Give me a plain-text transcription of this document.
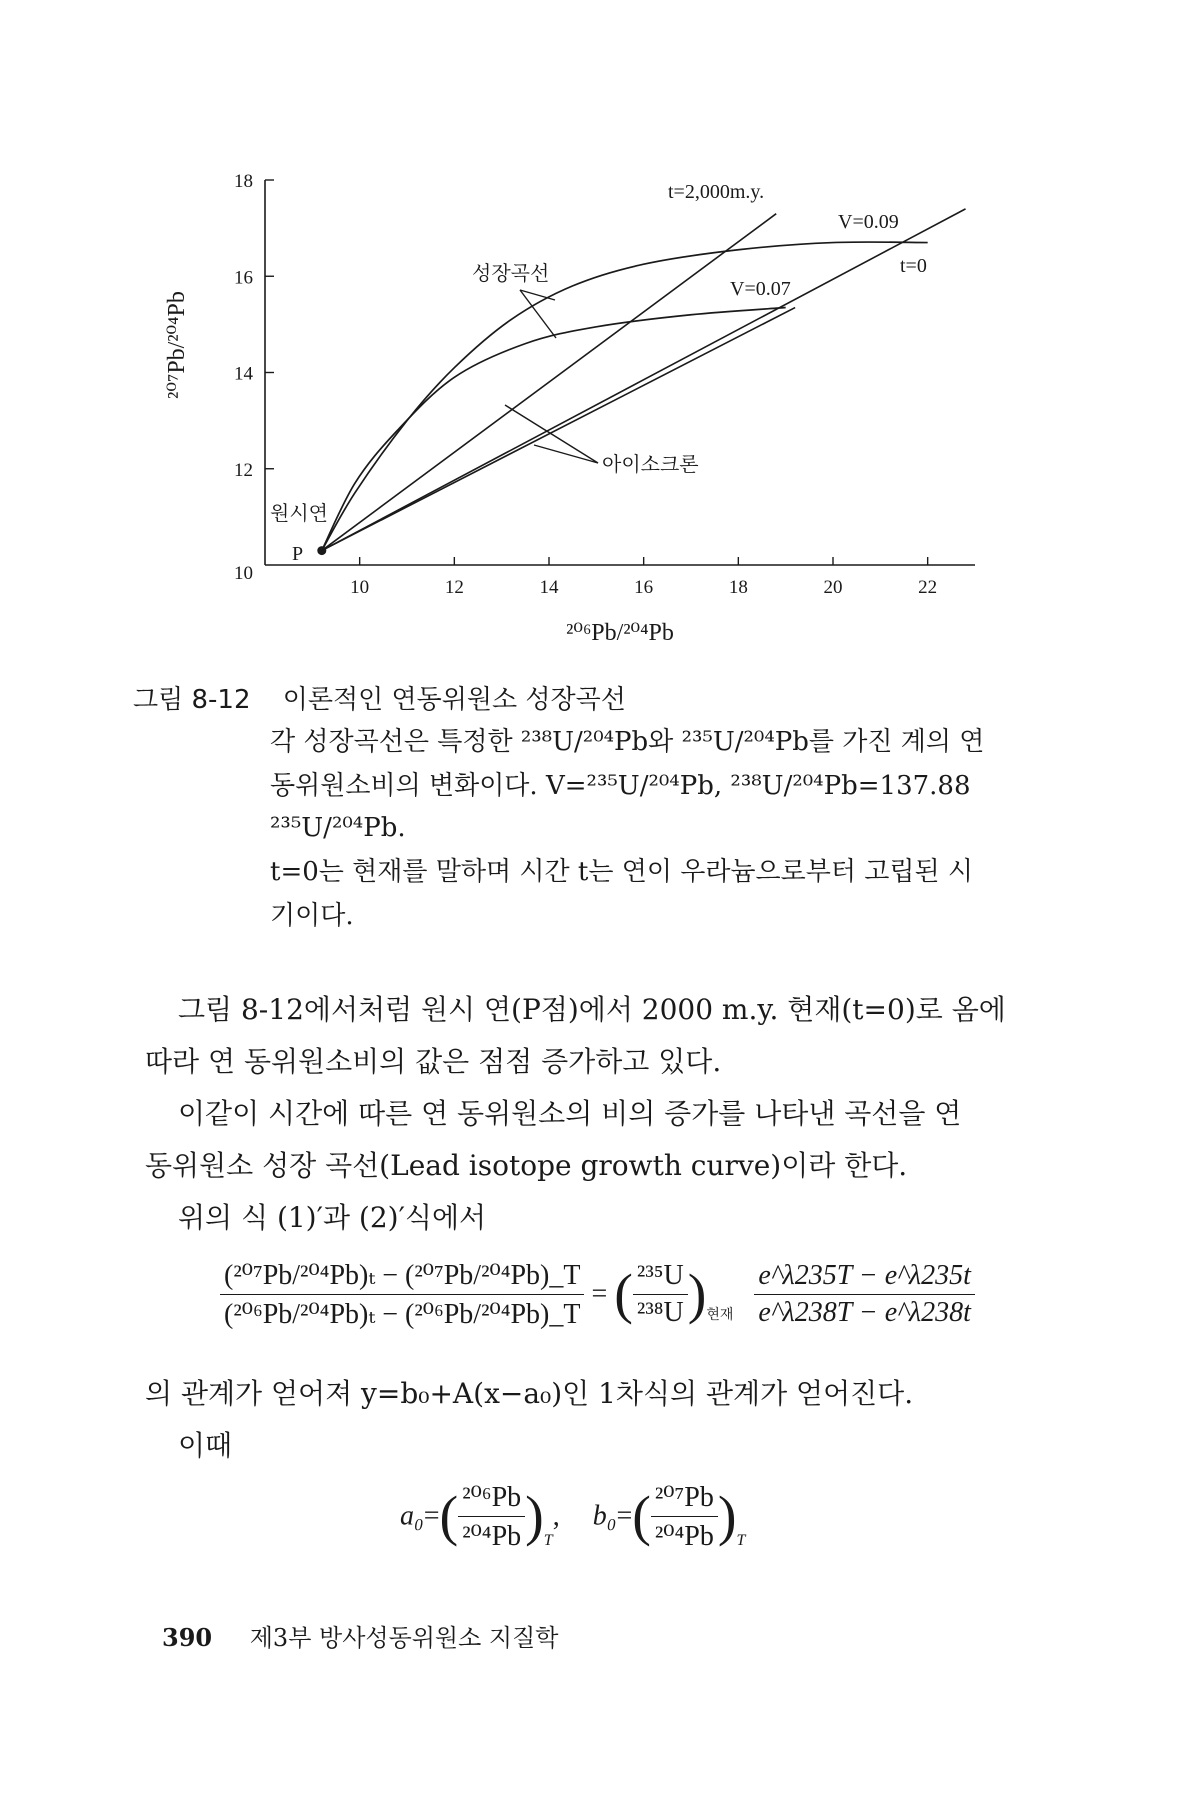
10	12	14	16	18	20	22
10
12
14
16
18
²⁰⁷Pb/²⁰⁴Pb
²⁰⁶Pb/²⁰⁴Pb
t=2,000m.y.
V=0.09
t=0
V=0.07
성장곡선
아이소크론
원시연
P
그림 8-12 이론적인 연동위원소 성장곡선
각 성장곡선은 특정한 ²³⁸U/²⁰⁴Pb와 ²³⁵U/²⁰⁴Pb를 가진 계의 연
동위원소비의 변화이다. V=²³⁵U/²⁰⁴Pb, ²³⁸U/²⁰⁴Pb=137.88
²³⁵U/²⁰⁴Pb.
t=0는 현재를 말하며 시간 t는 연이 우라늄으로부터 고립된 시
기이다.
그림 8-12에서처럼 원시 연(P점)에서 2000 m.y. 현재(t=0)로 옴에
따라 연 동위원소비의 값은 점점 증가하고 있다.
이같이 시간에 따른 연 동위원소의 비의 증가를 나타낸 곡선을 연
동위원소 성장 곡선(Lead isotope growth curve)이라 한다.
위의 식 (1)′과 (2)′식에서
$\frac{\text{(²⁰⁷Pb/²⁰⁴Pb)ₜ − (²⁰⁷Pb/²⁰⁴Pb)\_T}}{\text{(²⁰⁶Pb/²⁰⁴Pb)ₜ − (²⁰⁶Pb/²⁰⁴Pb)\_T}}$ = ( $\frac{\text{²³⁵U}}{\text{²³⁸U}} )_{현재} \frac{e\^{}\lambda 235T - e\^{}\lambda 235t}{e\^{}\lambda 238T - e\^{}\lambda 238t}$
의 관계가 얻어져 y=b₀+A(x−a₀)인 1차식의 관계가 얻어진다.
이때
$a_0=( \frac{\text{²⁰⁶Pb}}{\text{²⁰⁴Pb}} )_T$, $b_0=( \frac{\text{²⁰⁷Pb}}{\text{²⁰⁴Pb}} )_T$
390 제3부 방사성동위원소 지질학
